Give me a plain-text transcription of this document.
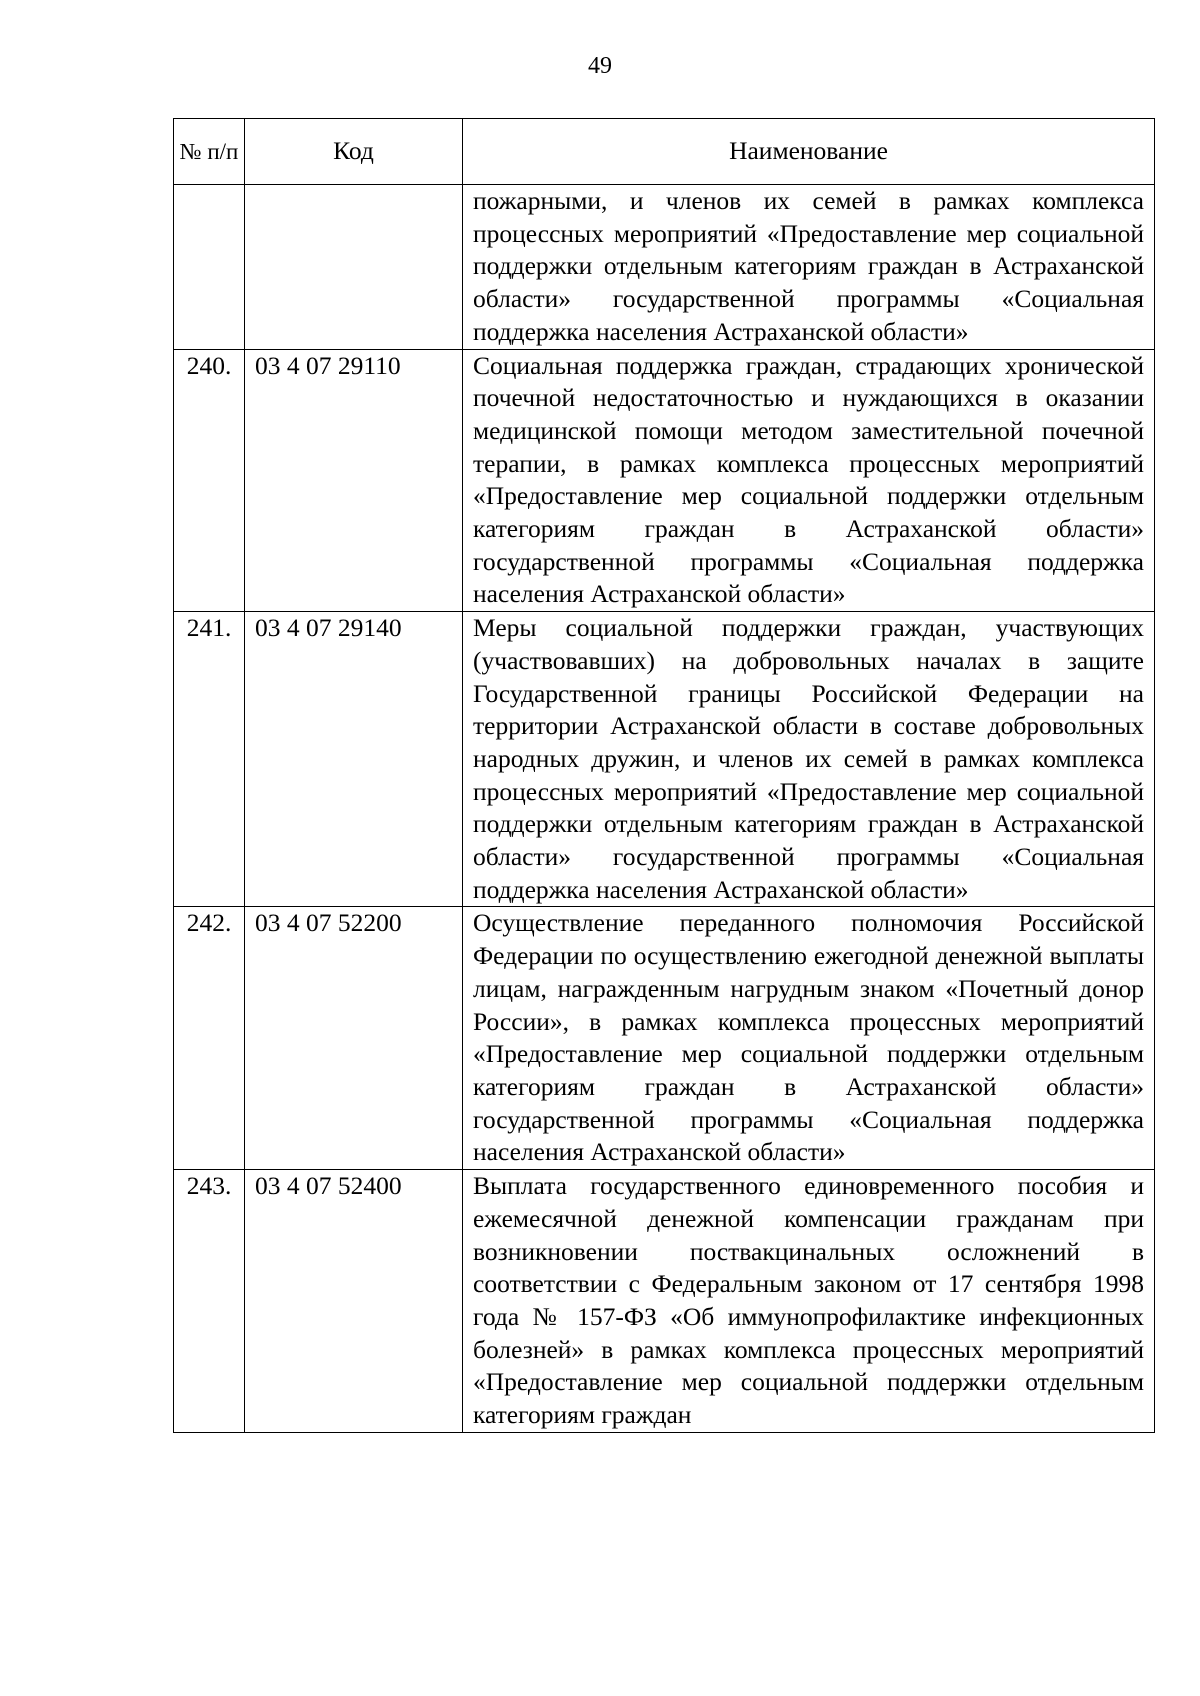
49
№ п/п	Код	Наименование
		пожарными, и членов их семей в рамках комплекса процессных мероприятий «Предоставление мер социальной поддержки отдельным категориям граждан в Астраханской области» государственной программы «Социальная поддержка населения Астраханской области»
240.	03 4 07 29110	Социальная поддержка граждан, страдающих хронической почечной недостаточностью и нуждающихся в оказании медицинской помощи методом заместительной почечной терапии, в рамках комплекса процессных мероприятий «Предоставление мер социальной поддержки отдельным категориям граждан в Астраханской области» государственной программы «Социальная поддержка населения Астраханской области»
241.	03 4 07 29140	Меры социальной поддержки граждан, участвующих (участвовавших) на добровольных началах в защите Государственной границы Российской Федерации на территории Астраханской области в составе добровольных народных дружин, и членов их семей в рамках комплекса процессных мероприятий «Предоставление мер социальной поддержки отдельным категориям граждан в Астраханской области» государственной программы «Социальная поддержка населения Астраханской области»
242.	03 4 07 52200	Осуществление переданного полномочия Российской Федерации по осуществлению ежегодной денежной выплаты лицам, награжденным нагрудным знаком «Почетный донор России», в рамках комплекса процессных мероприятий «Предоставление мер социальной поддержки отдельным категориям граждан в Астраханской области» государственной программы «Социальная поддержка населения Астраханской области»
243.	03 4 07 52400	Выплата государственного единовременного пособия и ежемесячной денежной компенсации гражданам при возникновении поствакцинальных осложнений в соответствии с Федеральным законом от 17 сентября 1998 года № 157-ФЗ «Об иммунопрофилактике инфекционных болезней» в рамках комплекса процессных мероприятий «Предоставление мер социальной поддержки отдельным категориям граждан
